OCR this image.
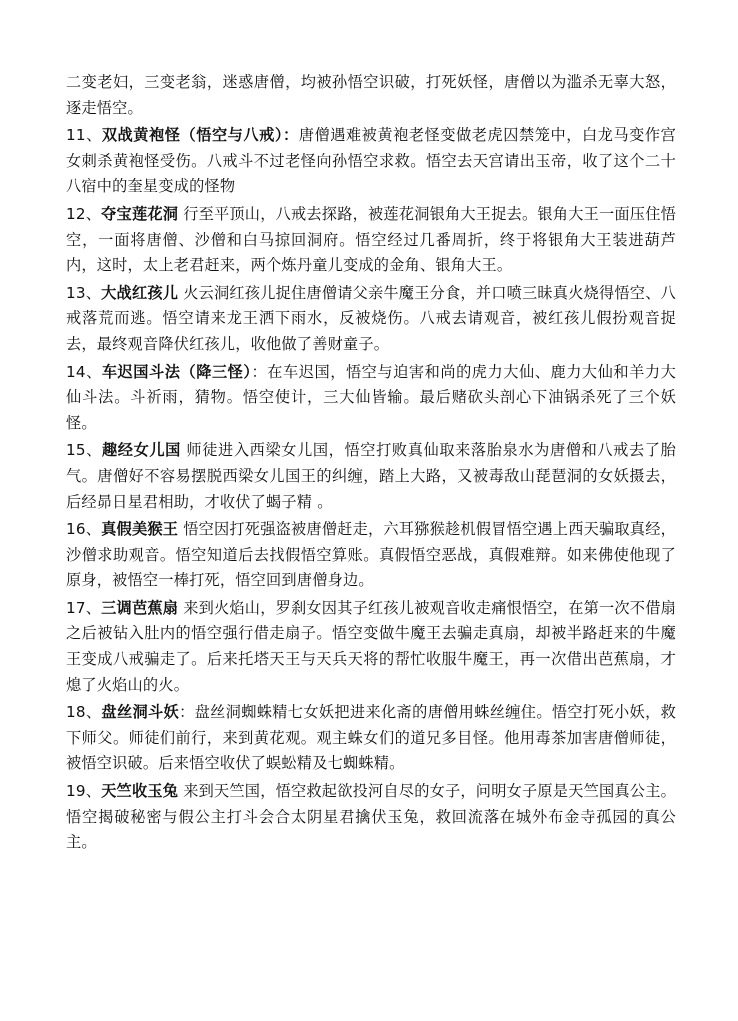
二变老妇，三变老翁，迷惑唐僧，均被孙悟空识破，打死妖怪，唐僧以为滥杀无辜大怒，逐走悟空。

11、双战黄袍怪（悟空与八戒）：唐僧遇难被黄袍老怪变做老虎囚禁笼中，白龙马变作宫女刺杀黄袍怪受伤。八戒斗不过老怪向孙悟空求救。悟空去天宫请出玉帝，收了这个二十八宿中的奎星变成的怪物

12、夺宝莲花洞 行至平顶山，八戒去探路，被莲花洞银角大王捉去。银角大王一面压住悟空，一面将唐僧、沙僧和白马掠回洞府。悟空经过几番周折，终于将银角大王装进葫芦内，这时，太上老君赶来，两个炼丹童儿变成的金角、银角大王。

13、大战红孩儿 火云洞红孩儿捉住唐僧请父亲牛魔王分食，并口喷三昧真火烧得悟空、八戒落荒而逃。悟空请来龙王洒下雨水，反被烧伤。八戒去请观音，被红孩儿假扮观音捉去，最终观音降伏红孩儿，收他做了善财童子。

14、车迟国斗法（降三怪）：在车迟国，悟空与迫害和尚的虎力大仙、鹿力大仙和羊力大仙斗法。斗祈雨，猜物。悟空使计，三大仙皆输。最后赌砍头剖心下油锅杀死了三个妖怪。

15、趣经女儿国 师徒进入西梁女儿国，悟空打败真仙取来落胎泉水为唐僧和八戒去了胎气。唐僧好不容易摆脱西梁女儿国王的纠缠，踏上大路，又被毒敌山琵琶洞的女妖摄去，后经昴日星君相助，才收伏了蝎子精 。

16、真假美猴王 悟空因打死强盗被唐僧赶走，六耳猕猴趁机假冒悟空遇上西天骗取真经，沙僧求助观音。悟空知道后去找假悟空算账。真假悟空恶战，真假难辩。如来佛使他现了原身，被悟空一棒打死，悟空回到唐僧身边。

17、三调芭蕉扇 来到火焰山，罗刹女因其子红孩儿被观音收走痛恨悟空，在第一次不借扇之后被钻入肚内的悟空强行借走扇子。悟空变做牛魔王去骗走真扇，却被半路赶来的牛魔王变成八戒骗走了。后来托塔天王与天兵天将的帮忙收服牛魔王，再一次借出芭蕉扇，才熄了火焰山的火。

18、盘丝洞斗妖：盘丝洞蜘蛛精七女妖把进来化斋的唐僧用蛛丝缠住。悟空打死小妖，救下师父。师徒们前行，来到黄花观。观主蛛女们的道兄多目怪。他用毒茶加害唐僧师徒，被悟空识破。后来悟空收伏了蜈蚣精及七蜘蛛精。

19、天竺收玉兔 来到天竺国，悟空救起欲投河自尽的女子，问明女子原是天竺国真公主。悟空揭破秘密与假公主打斗会合太阴星君擒伏玉兔，救回流落在城外布金寺孤园的真公主。
